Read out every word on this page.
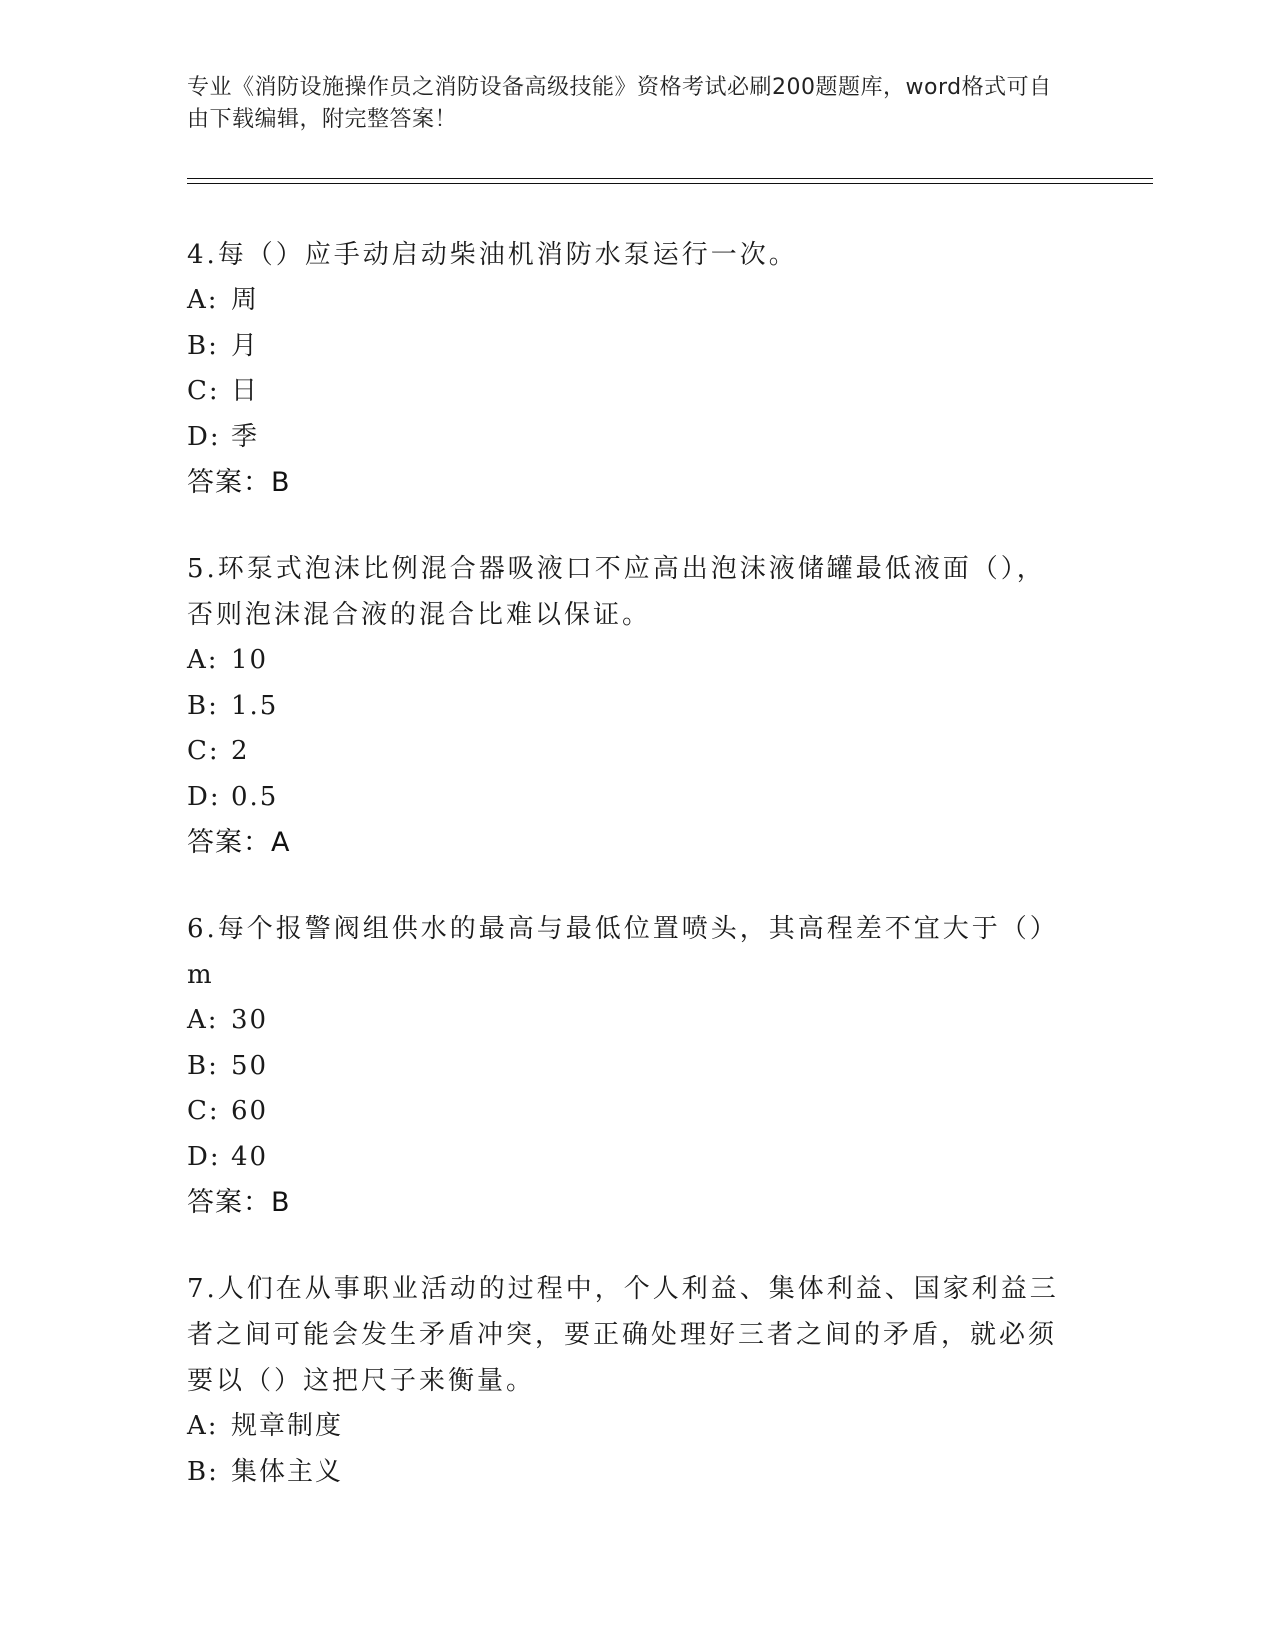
专业《消防设施操作员之消防设备高级技能》资格考试必刷200题题库，word格式可自由下载编辑，附完整答案！
4.每（）应手动启动柴油机消防水泵运行一次。
A: 周
B: 月
C: 日
D: 季
答案：B
5.环泵式泡沫比例混合器吸液口不应高出泡沫液储罐最低液面（），否则泡沫混合液的混合比难以保证。
A: 10
B: 1.5
C: 2
D: 0.5
答案：A
6.每个报警阀组供水的最高与最低位置喷头，其高程差不宜大于（）m
A: 30
B: 50
C: 60
D: 40
答案：B
7.人们在从事职业活动的过程中，个人利益、集体利益、国家利益三者之间可能会发生矛盾冲突，要正确处理好三者之间的矛盾，就必须要以（）这把尺子来衡量。
A: 规章制度
B: 集体主义
